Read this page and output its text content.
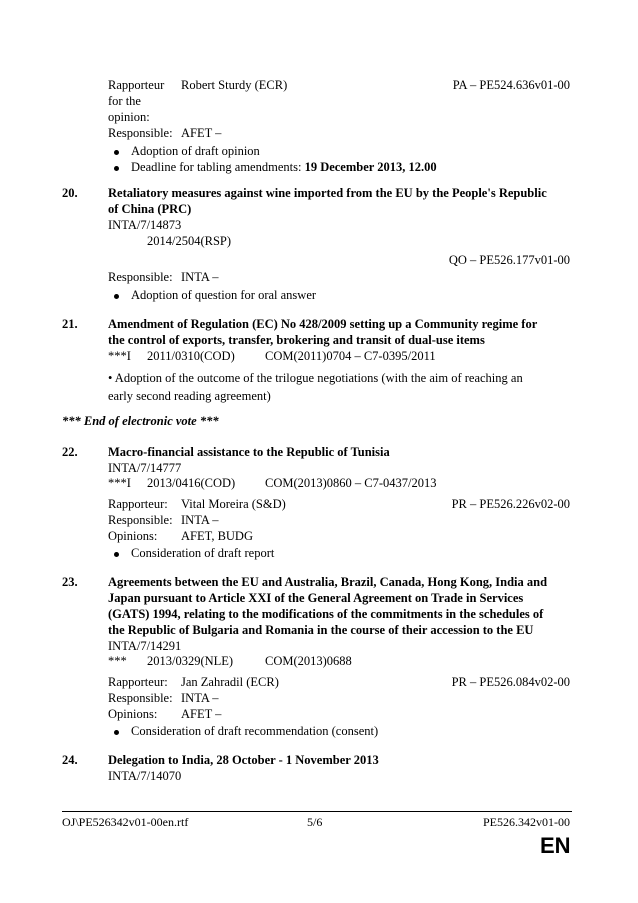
Rapporteur
for the
opinion:
Robert Sturdy (ECR)	PA – PE524.636v01-00
Responsible: AFET –
Adoption of draft opinion
Deadline for tabling amendments: 19 December 2013, 12.00
20. Retaliatory measures against wine imported from the EU by the People's Republic
of China (PRC)
INTA/7/14873
2014/2504(RSP)
QO – PE526.177v01-00
Responsible: INTA –
Adoption of question for oral answer
21. Amendment of Regulation (EC) No 428/2009 setting up a Community regime for
the control of exports, transfer, brokering and transit of dual-use items
***I 2011/0310(COD) COM(2011)0704 – C7-0395/2011
• Adoption of the outcome of the trilogue negotiations (with the aim of reaching an
early second reading agreement)
*** End of electronic vote ***
22. Macro-financial assistance to the Republic of Tunisia
INTA/7/14777
***I 2013/0416(COD) COM(2013)0860 – C7-0437/2013
Rapporteur: Vital Moreira (S&D)	PR – PE526.226v02-00
Responsible: INTA –
Opinions: AFET, BUDG
Consideration of draft report
23. Agreements between the EU and Australia, Brazil, Canada, Hong Kong, India and
Japan pursuant to Article XXI of the General Agreement on Trade in Services
(GATS) 1994, relating to the modifications of the commitments in the schedules of
the Republic of Bulgaria and Romania in the course of their accession to the EU
INTA/7/14291
*** 2013/0329(NLE)	COM(2013)0688
Rapporteur: Jan Zahradil (ECR)	PR – PE526.084v02-00
Responsible: INTA –
Opinions: AFET –
Consideration of draft recommendation (consent)
24. Delegation to India, 28 October - 1 November 2013
INTA/7/14070
OJ\PE526342v01-00en.rtf	5/6	PE526.342v01-00
EN
